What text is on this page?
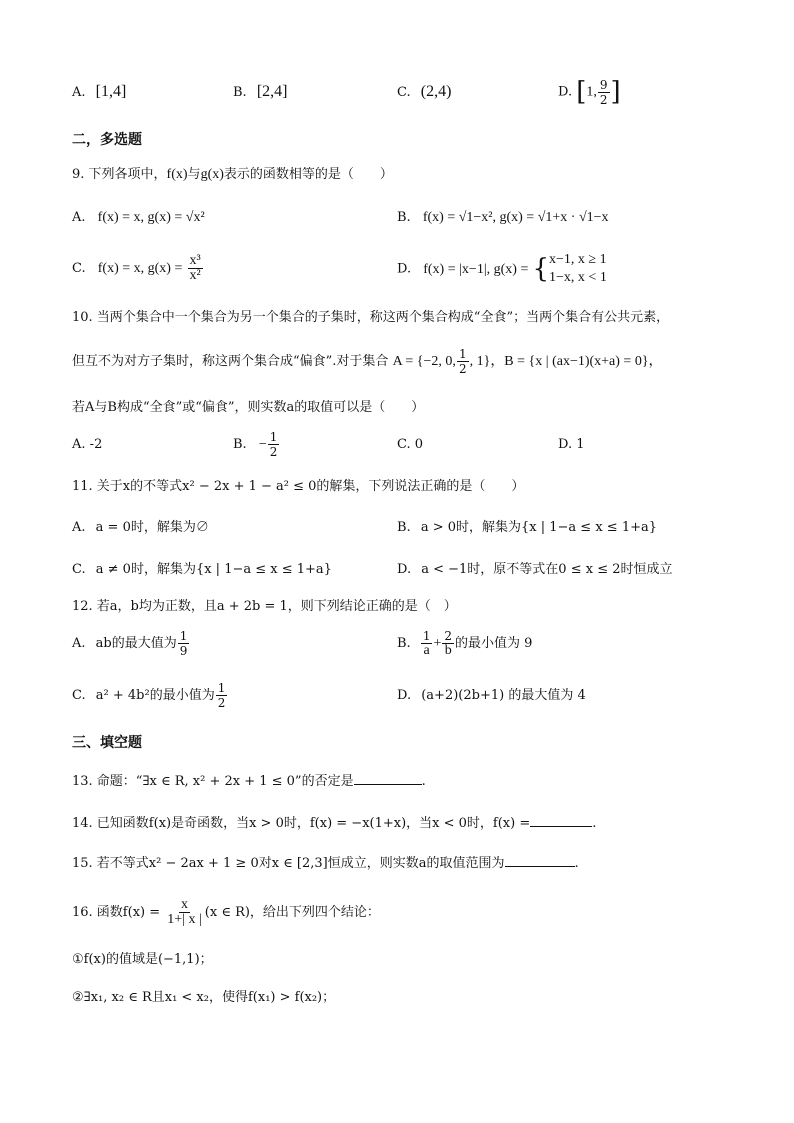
A. [1,4]	B. [2,4]	C. (2,4)	D. [1, $\frac{9}{2}$ ]
二，多选题
9. 下列各项中，f(x)与g(x)表示的函数相等的是（　　）
A. f(x) = x, g(x) = √x²	B. f(x) = √1−x², g(x) = √1+x · √1−x
C. f(x) = x, $g(x) = \frac{\text{x³}}{\text{x²}}$	D. f(x) = |x−1|, g(x) = { x−1, x ≥ 1
1−x, x < 1
10. 当两个集合中一个集合为另一个集合的子集时，称这两个集合构成“全食”；当两个集合有公共元素，
但互不为对方子集时，称这两个集合成“偏食”.对于集合 A = {−2, 0, $\frac{1}{2}$ , 1}，B = {x | (ax−1)(x+a) = 0}，
若A与B构成“全食”或“偏食”，则实数a的取值可以是（　　）
A. -2	B. − $\frac{1}{2}$	C. 0	D. 1
11. 关于x的不等式x² − 2x + 1 − a² ≤ 0的解集，下列说法正确的是（　　）
A. a = 0时，解集为∅	B. a > 0时，解集为{x | 1−a ≤ x ≤ 1+a}
C. a ≠ 0时，解集为{x | 1−a ≤ x ≤ 1+a}	D. a < −1时，原不等式在0 ≤ x ≤ 2时恒成立
12. 若a，b均为正数，且a + 2b = 1，则下列结论正确的是（　）
A. ab的最大值为 $\frac{1}{9}$	B. $\frac{1}{a} + \frac{2}{b}$ 的最小值为 9
C. a² + 4b²的最小值为 $\frac{1}{2}$	D. (a+2)(2b+1) 的最大值为 4
三、填空题
13. 命题：“∃x ∈ R, x² + 2x + 1 ≤ 0”的否定是	.
14. 已知函数f(x)是奇函数，当x > 0时，f(x) = −x(1+x)，当x < 0时，f(x) =	.
15. 若不等式x² − 2ax + 1 ≥ 0对x ∈ [2,3]恒成立，则实数a的取值范围为	.
16. 函数$f(x) = \frac{x}{1+| x |} (x$ ∈ R)，给出下列四个结论：
①f(x)的值域是(−1,1)；
②∃x₁, x₂ ∈ R且x₁ < x₂，使得f(x₁) > f(x₂)；
